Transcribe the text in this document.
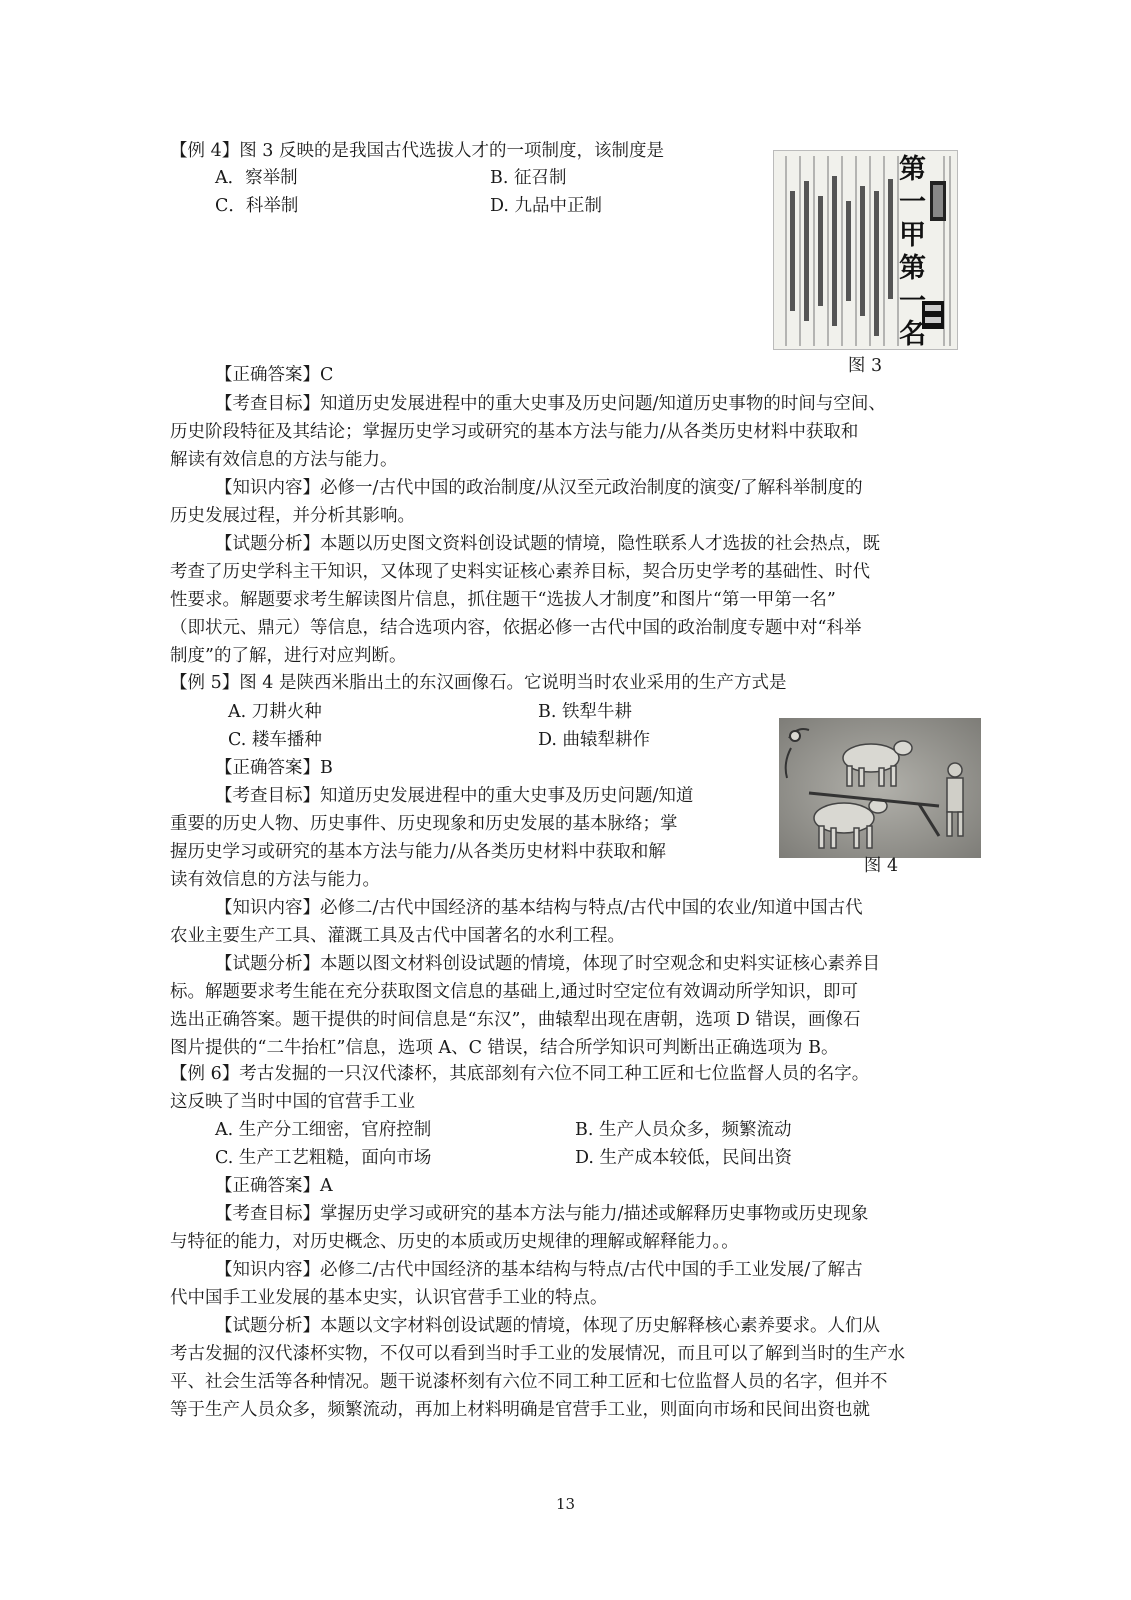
【例 4】图 3 反映的是我国古代选拔人才的一项制度，该制度是
A．察举制	B. 征召制
C．科举制	D. 九品中正制
第一甲第一名
图 3
【正确答案】C
【考查目标】知道历史发展进程中的重大史事及历史问题/知道历史事物的时间与空间、
历史阶段特征及其结论；掌握历史学习或研究的基本方法与能力/从各类历史材料中获取和
解读有效信息的方法与能力。
【知识内容】必修一/古代中国的政治制度/从汉至元政治制度的演变/了解科举制度的
历史发展过程，并分析其影响。
【试题分析】本题以历史图文资料创设试题的情境，隐性联系人才选拔的社会热点，既
考查了历史学科主干知识，又体现了史料实证核心素养目标，契合历史学考的基础性、时代
性要求。解题要求考生解读图片信息，抓住题干“选拔人才制度”和图片“第一甲第一名”
（即状元、鼎元）等信息，结合选项内容，依据必修一古代中国的政治制度专题中对“科举
制度”的了解，进行对应判断。
【例 5】图 4 是陕西米脂出土的东汉画像石。它说明当时农业采用的生产方式是
A. 刀耕火种	B. 铁犁牛耕
C. 耧车播种	D. 曲辕犁耕作
图 4
【正确答案】B
【考查目标】知道历史发展进程中的重大史事及历史问题/知道
重要的历史人物、历史事件、历史现象和历史发展的基本脉络；掌
握历史学习或研究的基本方法与能力/从各类历史材料中获取和解
读有效信息的方法与能力。
【知识内容】必修二/古代中国经济的基本结构与特点/古代中国的农业/知道中国古代
农业主要生产工具、灌溉工具及古代中国著名的水利工程。
【试题分析】本题以图文材料创设试题的情境，体现了时空观念和史料实证核心素养目
标。解题要求考生能在充分获取图文信息的基础上,通过时空定位有效调动所学知识，即可
选出正确答案。题干提供的时间信息是“东汉”，曲辕犁出现在唐朝，选项 D 错误，画像石
图片提供的“二牛抬杠”信息，选项 A、C 错误，结合所学知识可判断出正确选项为 B。
【例 6】考古发掘的一只汉代漆杯，其底部刻有六位不同工种工匠和七位监督人员的名字。
这反映了当时中国的官营手工业
A. 生产分工细密，官府控制	B. 生产人员众多，频繁流动
C. 生产工艺粗糙，面向市场	D. 生产成本较低，民间出资
【正确答案】A
【考查目标】掌握历史学习或研究的基本方法与能力/描述或解释历史事物或历史现象
与特征的能力，对历史概念、历史的本质或历史规律的理解或解释能力。。
【知识内容】必修二/古代中国经济的基本结构与特点/古代中国的手工业发展/了解古
代中国手工业发展的基本史实，认识官营手工业的特点。
【试题分析】本题以文字材料创设试题的情境，体现了历史解释核心素养要求。人们从
考古发掘的汉代漆杯实物，不仅可以看到当时手工业的发展情况，而且可以了解到当时的生产水
平、社会生活等各种情况。题干说漆杯刻有六位不同工种工匠和七位监督人员的名字，但并不
等于生产人员众多，频繁流动，再加上材料明确是官营手工业，则面向市场和民间出资也就
13
